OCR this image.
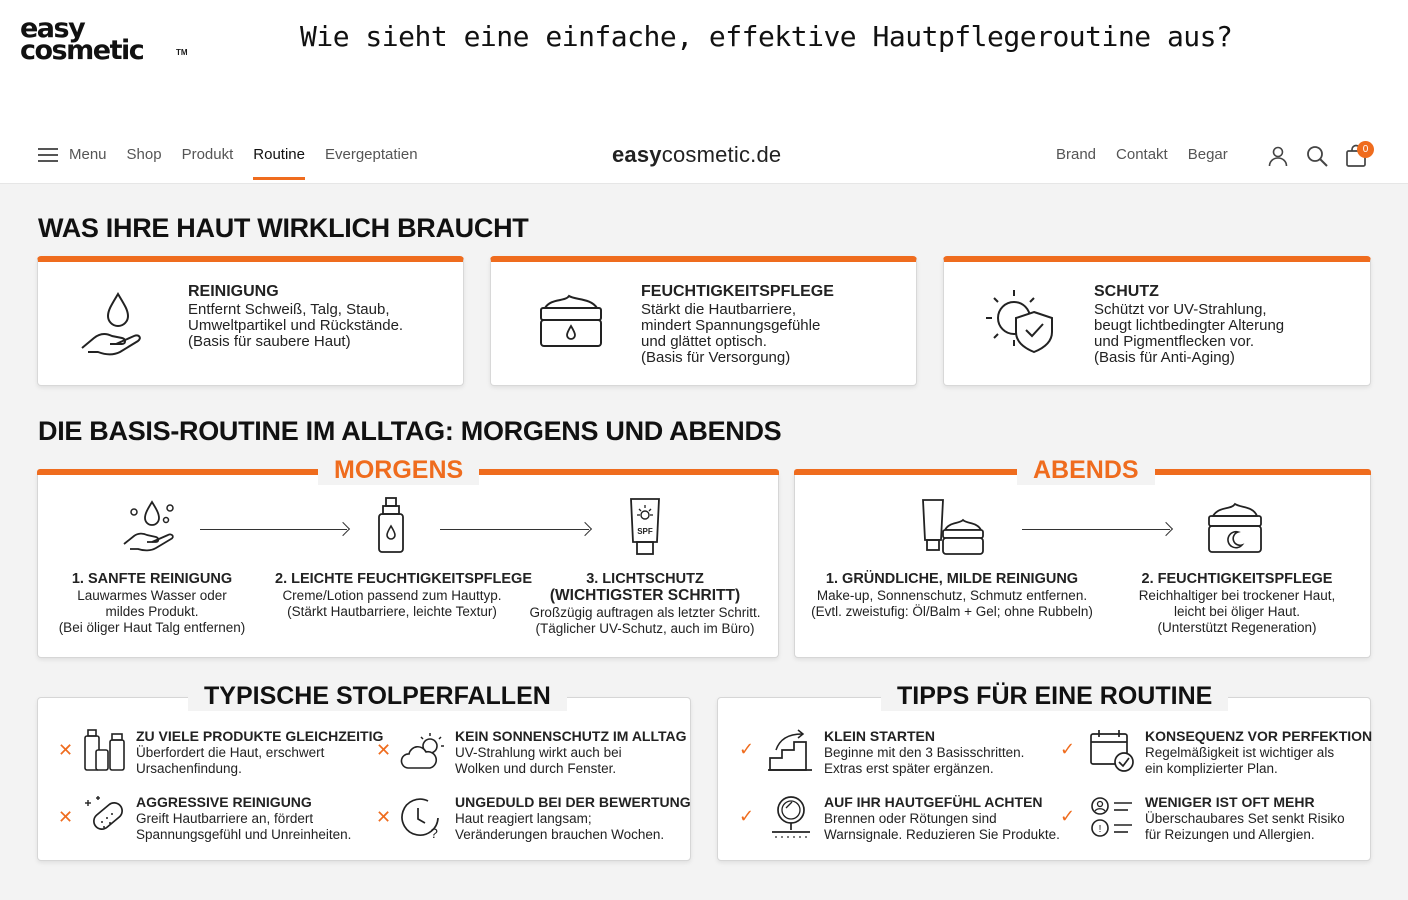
easy
cosmetic	TM	Wie sieht eine einfache, effektive Hautpflegeroutine aus?
Menu Shop Produkt Routine Evergeptatien	easycosmetic.de	Brand Contakt Begar	0
WAS IHRE HAUT WIRKLICH BRAUCHT
REINIGUNG
Entfernt Schweiß, Talg, Staub,
Umweltpartikel und Rückstände.
(Basis für saubere Haut)
FEUCHTIGKEITSPFLEGE
Stärkt die Hautbarriere,
mindert Spannungsgefühle
und glättet optisch.
(Basis für Versorgung)
SCHUTZ
Schützt vor UV-Strahlung,
beugt lichtbedingter Alterung
und Pigmentflecken vor.
(Basis für Anti-Aging)
DIE BASIS-ROUTINE IM ALLTAG: MORGENS UND ABENDS
MORGENS
SPF
1. SANFTE REINIGUNG
Lauwarmes Wasser oder
mildes Produkt.
(Bei öliger Haut Talg entfernen)
2. LEICHTE FEUCHTIGKEITSPFLEGE
Creme/Lotion passend zum Hauttyp.
(Stärkt Hautbarriere, leichte Textur)
3. LICHTSCHUTZ
(WICHTIGSTER SCHRITT)
Großzügig auftragen als letzter Schritt.
(Täglicher UV-Schutz, auch im Büro)
ABENDS
1. GRÜNDLICHE, MILDE REINIGUNG
Make-up, Sonnenschutz, Schmutz entfernen.
(Evtl. zweistufig: Öl/Balm + Gel; ohne Rubbeln)
2. FEUCHTIGKEITSPFLEGE
Reichhaltiger bei trockener Haut,
leicht bei öliger Haut.
(Unterstützt Regeneration)
TYPISCHE STOLPERFALLEN
✕
ZU VIELE PRODUKTE GLEICHZEITIG
Überfordert die Haut, erschwert
Ursachenfindung.
✕
KEIN SONNENSCHUTZ IM ALLTAG
UV-Strahlung wirkt auch bei
Wolken und durch Fenster.
✕
AGGRESSIVE REINIGUNG
Greift Hautbarriere an, fördert
Spannungsgefühl und Unreinheiten.
✕
?
UNGEDULD BEI DER BEWERTUNG
Haut reagiert langsam;
Veränderungen brauchen Wochen.
TIPPS FÜR EINE ROUTINE
✓
KLEIN STARTEN
Beginne mit den 3 Basisschritten.
Extras erst später ergänzen.
✓
KONSEQUENZ VOR PERFEKTION
Regelmäßigkeit ist wichtiger als
ein komplizierter Plan.
✓
AUF IHR HAUTGEFÜHL ACHTEN
Brennen oder Rötungen sind
Warnsignale. Reduzieren Sie Produkte.
✓
!
WENIGER IST OFT MEHR
Überschaubares Set senkt Risiko
für Reizungen und Allergien.
